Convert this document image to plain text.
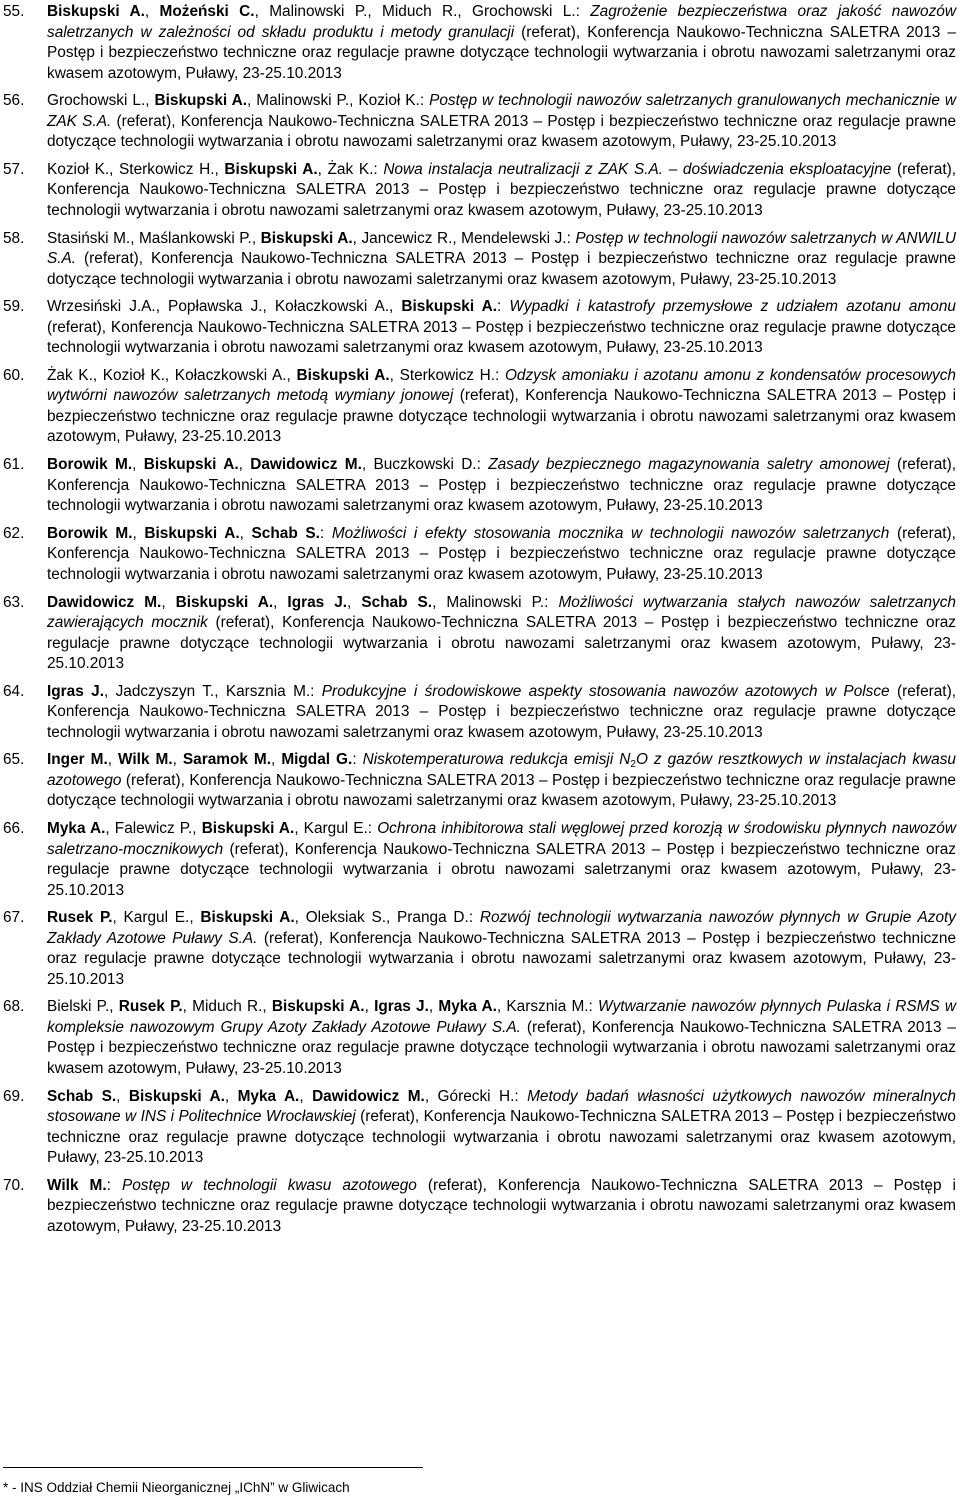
55.	Biskupski A., Możeński C., Malinowski P., Miduch R., Grochowski L.: Zagrożenie bezpieczeństwa oraz jakość nawozów saletrzanych w zależności od składu produktu i metody granulacji (referat), Konferencja Naukowo-Techniczna SALETRA 2013 – Postęp i bezpieczeństwo techniczne oraz regulacje prawne dotyczące technologii wytwarzania i obrotu nawozami saletrzanymi oraz kwasem azotowym, Puławy, 23-25.10.2013
56.	Grochowski L., Biskupski A., Malinowski P., Kozioł K.: Postęp w technologii nawozów saletrzanych granulowanych mechanicznie w ZAK S.A. (referat), Konferencja Naukowo-Techniczna SALETRA 2013 – Postęp i bezpieczeństwo techniczne oraz regulacje prawne dotyczące technologii wytwarzania i obrotu nawozami saletrzanymi oraz kwasem azotowym, Puławy, 23-25.10.2013
57.	Kozioł K., Sterkowicz H., Biskupski A., Żak K.: Nowa instalacja neutralizacji z ZAK S.A. – doświadczenia eksploatacyjne (referat), Konferencja Naukowo-Techniczna SALETRA 2013 – Postęp i bezpieczeństwo techniczne oraz regulacje prawne dotyczące technologii wytwarzania i obrotu nawozami saletrzanymi oraz kwasem azotowym, Puławy, 23-25.10.2013
58.	Stasiński M., Maślankowski P., Biskupski A., Jancewicz R., Mendelewski J.: Postęp w technologii nawozów saletrzanych w ANWILU S.A. (referat), Konferencja Naukowo-Techniczna SALETRA 2013 – Postęp i bezpieczeństwo techniczne oraz regulacje prawne dotyczące technologii wytwarzania i obrotu nawozami saletrzanymi oraz kwasem azotowym, Puławy, 23-25.10.2013
59.	Wrzesiński J.A., Popławska J., Kołaczkowski A., Biskupski A.: Wypadki i katastrofy przemysłowe z udziałem azotanu amonu (referat), Konferencja Naukowo-Techniczna SALETRA 2013 – Postęp i bezpieczeństwo techniczne oraz regulacje prawne dotyczące technologii wytwarzania i obrotu nawozami saletrzanymi oraz kwasem azotowym, Puławy, 23-25.10.2013
60.	Żak K., Kozioł K., Kołaczkowski A., Biskupski A., Sterkowicz H.: Odzysk amoniaku i azotanu amonu z kondensatów procesowych wytwórni nawozów saletrzanych metodą wymiany jonowej (referat), Konferencja Naukowo-Techniczna SALETRA 2013 – Postęp i bezpieczeństwo techniczne oraz regulacje prawne dotyczące technologii wytwarzania i obrotu nawozami saletrzanymi oraz kwasem azotowym, Puławy, 23-25.10.2013
61.	Borowik M., Biskupski A., Dawidowicz M., Buczkowski D.: Zasady bezpiecznego magazynowania saletry amonowej (referat), Konferencja Naukowo-Techniczna SALETRA 2013 – Postęp i bezpieczeństwo techniczne oraz regulacje prawne dotyczące technologii wytwarzania i obrotu nawozami saletrzanymi oraz kwasem azotowym, Puławy, 23-25.10.2013
62.	Borowik M., Biskupski A., Schab S.: Możliwości i efekty stosowania mocznika w technologii nawozów saletrzanych (referat), Konferencja Naukowo-Techniczna SALETRA 2013 – Postęp i bezpieczeństwo techniczne oraz regulacje prawne dotyczące technologii wytwarzania i obrotu nawozami saletrzanymi oraz kwasem azotowym, Puławy, 23-25.10.2013
63.	Dawidowicz M., Biskupski A., Igras J., Schab S., Malinowski P.: Możliwości wytwarzania stałych nawozów saletrzanych zawierających mocznik (referat), Konferencja Naukowo-Techniczna SALETRA 2013 – Postęp i bezpieczeństwo techniczne oraz regulacje prawne dotyczące technologii wytwarzania i obrotu nawozami saletrzanymi oraz kwasem azotowym, Puławy, 23-25.10.2013
64.	Igras J., Jadczyszyn T., Karsznia M.: Produkcyjne i środowiskowe aspekty stosowania nawozów azotowych w Polsce (referat), Konferencja Naukowo-Techniczna SALETRA 2013 – Postęp i bezpieczeństwo techniczne oraz regulacje prawne dotyczące technologii wytwarzania i obrotu nawozami saletrzanymi oraz kwasem azotowym, Puławy, 23-25.10.2013
65.	Inger M., Wilk M., Saramok M., Migdal G.: Niskotemperaturowa redukcja emisji $N_2O$ z gazów resztkowych w instalacjach kwasu azotowego (referat), Konferencja Naukowo-Techniczna SALETRA 2013 – Postęp i bezpieczeństwo techniczne oraz regulacje prawne dotyczące technologii wytwarzania i obrotu nawozami saletrzanymi oraz kwasem azotowym, Puławy, 23-25.10.2013
66.	Myka A., Falewicz P., Biskupski A., Kargul E.: Ochrona inhibitorowa stali węglowej przed korozją w środowisku płynnych nawozów saletrzano-mocznikowych (referat), Konferencja Naukowo-Techniczna SALETRA 2013 – Postęp i bezpieczeństwo techniczne oraz regulacje prawne dotyczące technologii wytwarzania i obrotu nawozami saletrzanymi oraz kwasem azotowym, Puławy, 23-25.10.2013
67.	Rusek P., Kargul E., Biskupski A., Oleksiak S., Pranga D.: Rozwój technologii wytwarzania nawozów płynnych w Grupie Azoty Zakłady Azotowe Puławy S.A. (referat), Konferencja Naukowo-Techniczna SALETRA 2013 – Postęp i bezpieczeństwo techniczne oraz regulacje prawne dotyczące technologii wytwarzania i obrotu nawozami saletrzanymi oraz kwasem azotowym, Puławy, 23-25.10.2013
68.	Bielski P., Rusek P., Miduch R., Biskupski A., Igras J., Myka A., Karsznia M.: Wytwarzanie nawozów płynnych Pulaska i RSMS w kompleksie nawozowym Grupy Azoty Zakłady Azotowe Puławy S.A. (referat), Konferencja Naukowo-Techniczna SALETRA 2013 – Postęp i bezpieczeństwo techniczne oraz regulacje prawne dotyczące technologii wytwarzania i obrotu nawozami saletrzanymi oraz kwasem azotowym, Puławy, 23-25.10.2013
69.	Schab S., Biskupski A., Myka A., Dawidowicz M., Górecki H.: Metody badań własności użytkowych nawozów mineralnych stosowane w INS i Politechnice Wrocławskiej (referat), Konferencja Naukowo-Techniczna SALETRA 2013 – Postęp i bezpieczeństwo techniczne oraz regulacje prawne dotyczące technologii wytwarzania i obrotu nawozami saletrzanymi oraz kwasem azotowym, Puławy, 23-25.10.2013
70.	Wilk M.: Postęp w technologii kwasu azotowego (referat), Konferencja Naukowo-Techniczna SALETRA 2013 – Postęp i bezpieczeństwo techniczne oraz regulacje prawne dotyczące technologii wytwarzania i obrotu nawozami saletrzanymi oraz kwasem azotowym, Puławy, 23-25.10.2013
* - INS Oddział Chemii Nieorganicznej „IChN” w Gliwicach
